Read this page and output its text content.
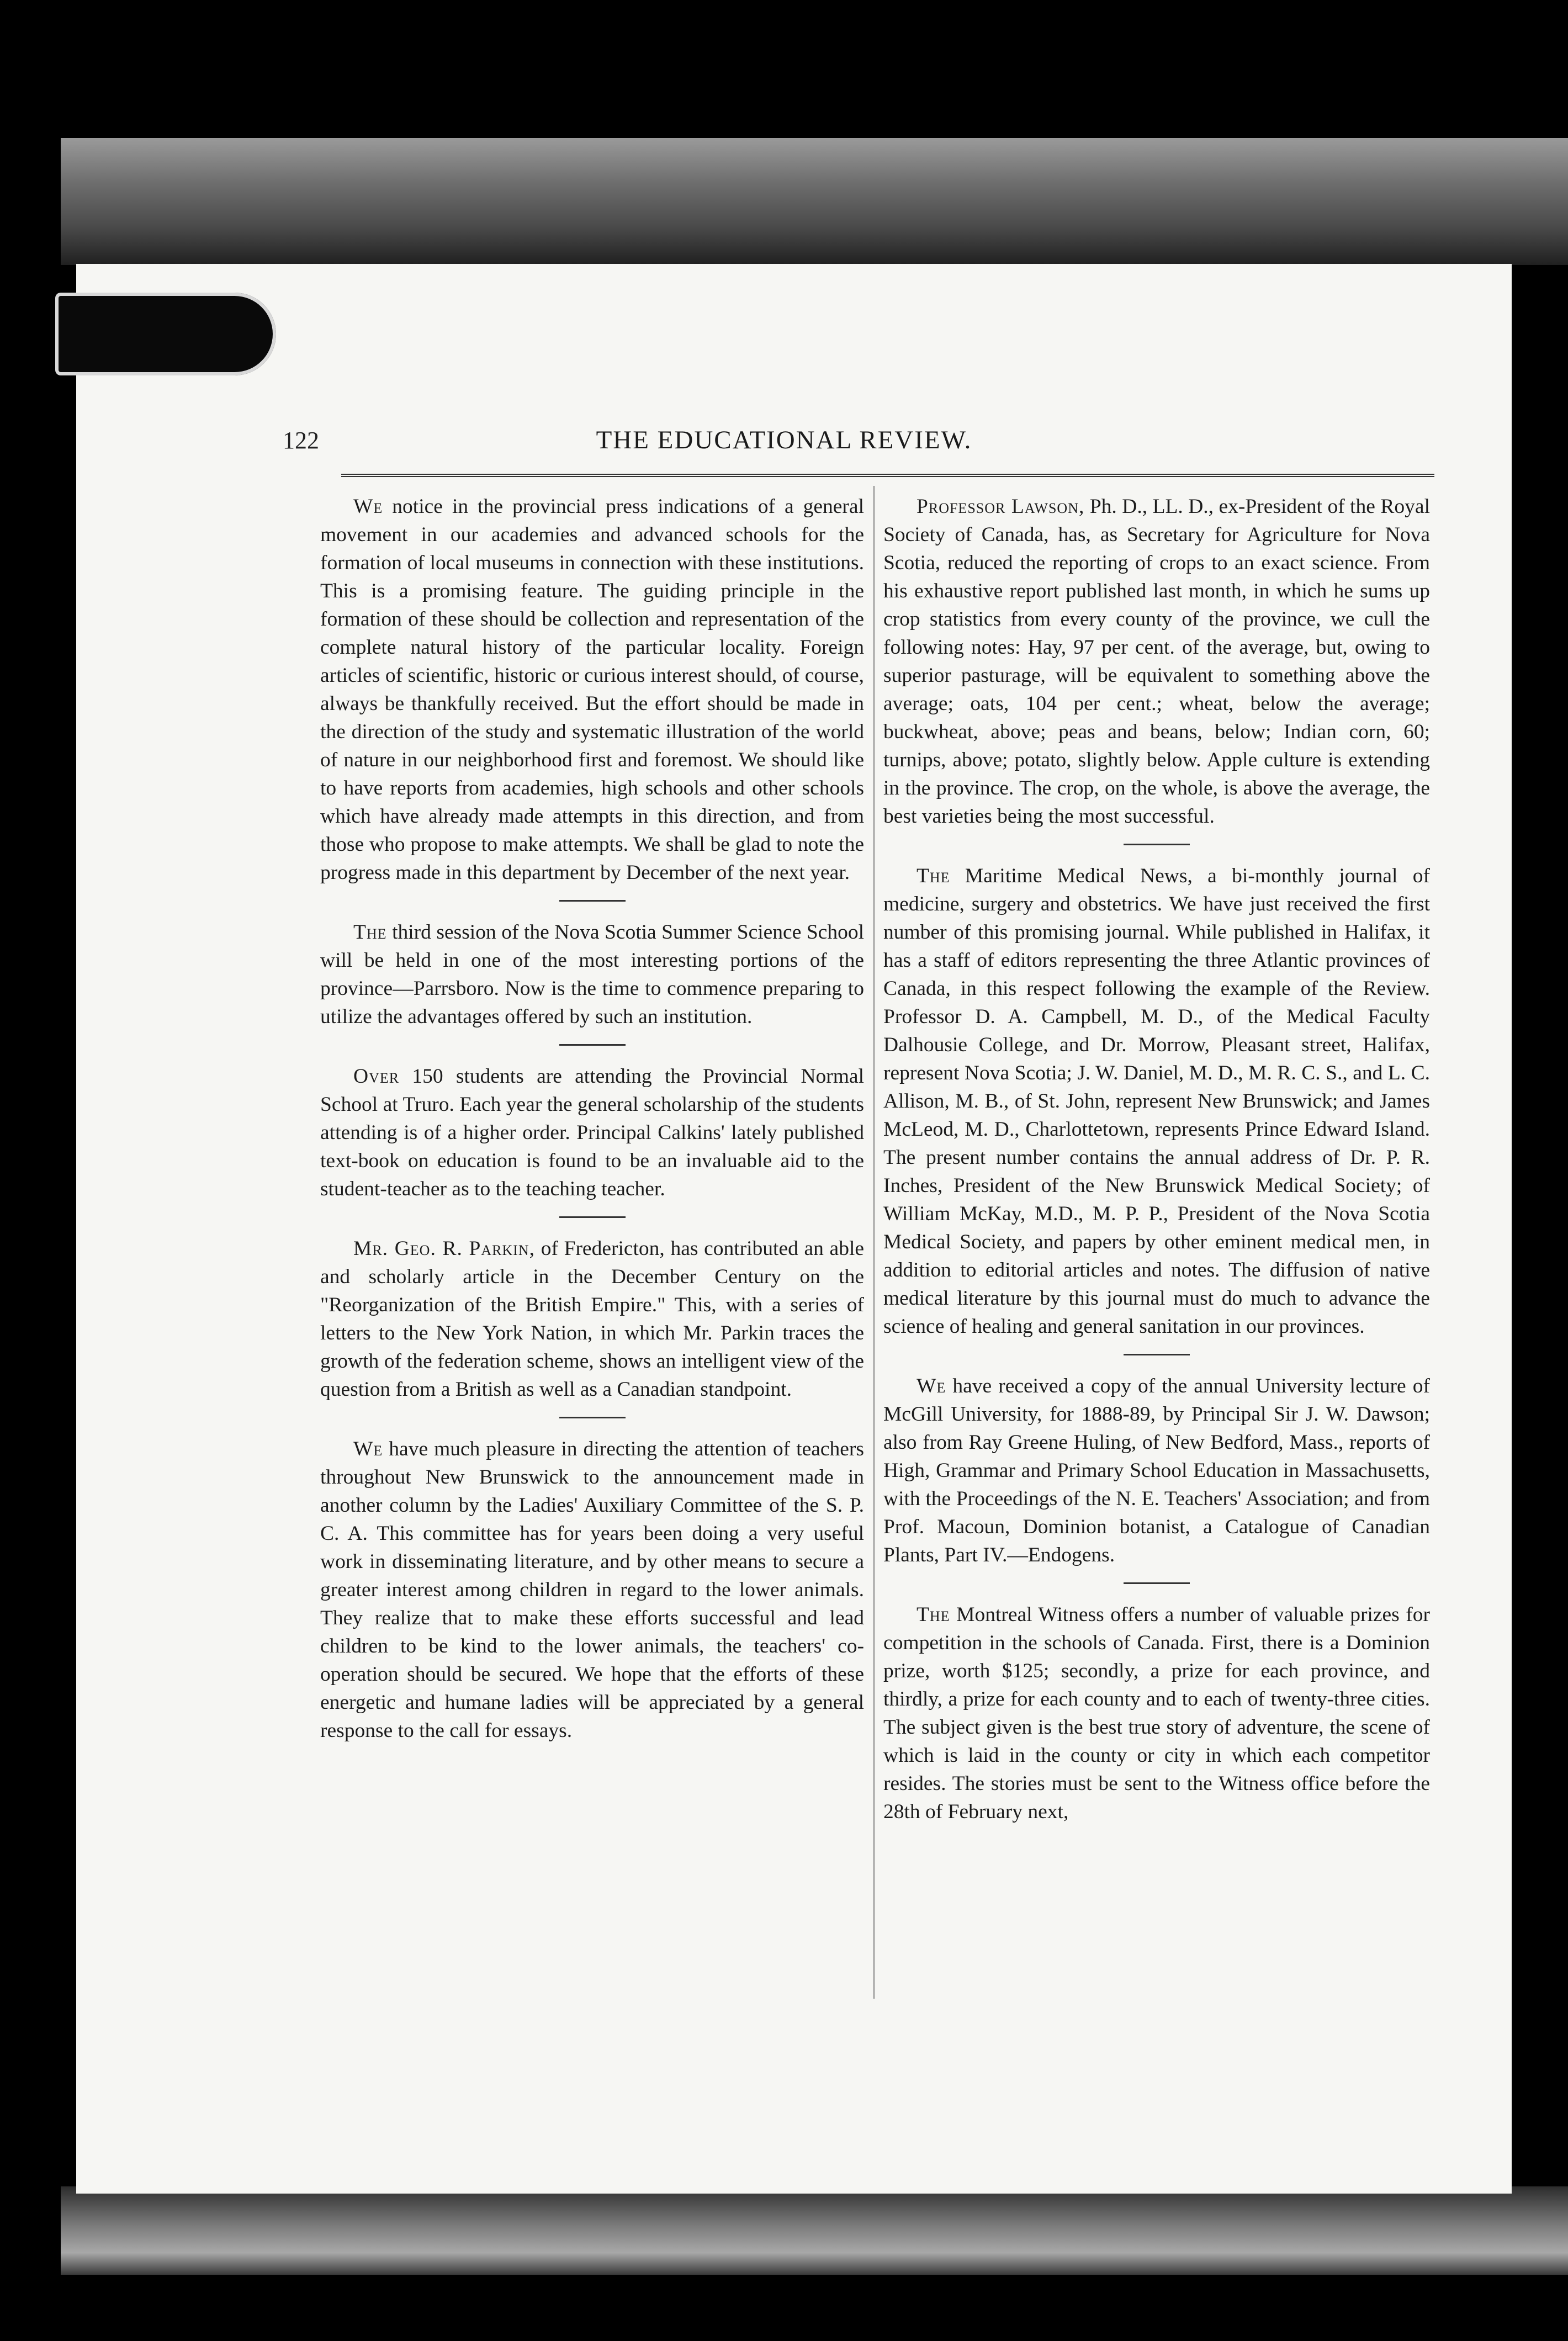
122	THE EDUCATIONAL REVIEW.

We notice in the provincial press indications of a general movement in our academies and advanced schools for the formation of local museums in connection with these institutions. This is a promising feature. The guiding principle in the formation of these should be collection and representation of the complete natural history of the particular locality. Foreign articles of scientific, historic or curious interest should, of course, always be thankfully received. But the effort should be made in the direction of the study and systematic illustration of the world of nature in our neighborhood first and foremost. We should like to have reports from academies, high schools and other schools which have already made attempts in this direction, and from those who propose to make attempts. We shall be glad to note the progress made in this department by December of the next year.

The third session of the Nova Scotia Summer Science School will be held in one of the most interesting portions of the province—Parrsboro. Now is the time to commence preparing to utilize the advantages offered by such an institution.

Over 150 students are attending the Provincial Normal School at Truro. Each year the general scholarship of the students attending is of a higher order. Principal Calkins' lately published text-book on education is found to be an invaluable aid to the student-teacher as to the teaching teacher.

Mr. Geo. R. Parkin, of Fredericton, has contributed an able and scholarly article in the December Century on the "Reorganization of the British Empire." This, with a series of letters to the New York Nation, in which Mr. Parkin traces the growth of the federation scheme, shows an intelligent view of the question from a British as well as a Canadian standpoint.

We have much pleasure in directing the attention of teachers throughout New Brunswick to the announcement made in another column by the Ladies' Auxiliary Committee of the S. P. C. A. This committee has for years been doing a very useful work in disseminating literature, and by other means to secure a greater interest among children in regard to the lower animals. They realize that to make these efforts successful and lead children to be kind to the lower animals, the teachers' co-operation should be secured. We hope that the efforts of these energetic and humane ladies will be appreciated by a general response to the call for essays.

Professor Lawson, Ph. D., LL. D., ex-President of the Royal Society of Canada, has, as Secretary for Agriculture for Nova Scotia, reduced the reporting of crops to an exact science. From his exhaustive report published last month, in which he sums up crop statistics from every county of the province, we cull the following notes: Hay, 97 per cent. of the average, but, owing to superior pasturage, will be equivalent to something above the average; oats, 104 per cent.; wheat, below the average; buckwheat, above; peas and beans, below; Indian corn, 60; turnips, above; potato, slightly below. Apple culture is extending in the province. The crop, on the whole, is above the average, the best varieties being the most successful.

The Maritime Medical News, a bi-monthly journal of medicine, surgery and obstetrics. We have just received the first number of this promising journal. While published in Halifax, it has a staff of editors representing the three Atlantic provinces of Canada, in this respect following the example of the Review. Professor D. A. Campbell, M. D., of the Medical Faculty Dalhousie College, and Dr. Morrow, Pleasant street, Halifax, represent Nova Scotia; J. W. Daniel, M. D., M. R. C. S., and L. C. Allison, M. B., of St. John, represent New Brunswick; and James McLeod, M. D., Charlottetown, represents Prince Edward Island. The present number contains the annual address of Dr. P. R. Inches, President of the New Brunswick Medical Society; of William McKay, M.D., M. P. P., President of the Nova Scotia Medical Society, and papers by other eminent medical men, in addition to editorial articles and notes. The diffusion of native medical literature by this journal must do much to advance the science of healing and general sanitation in our provinces.

We have received a copy of the annual University lecture of McGill University, for 1888-89, by Principal Sir J. W. Dawson; also from Ray Greene Huling, of New Bedford, Mass., reports of High, Grammar and Primary School Education in Massachusetts, with the Proceedings of the N. E. Teachers' Association; and from Prof. Macoun, Dominion botanist, a Catalogue of Canadian Plants, Part IV.—Endogens.

The Montreal Witness offers a number of valuable prizes for competition in the schools of Canada. First, there is a Dominion prize, worth $125; secondly, a prize for each province, and thirdly, a prize for each county and to each of twenty-three cities. The subject given is the best true story of adventure, the scene of which is laid in the county or city in which each competitor resides. The stories must be sent to the Witness office before the 28th of February next,
